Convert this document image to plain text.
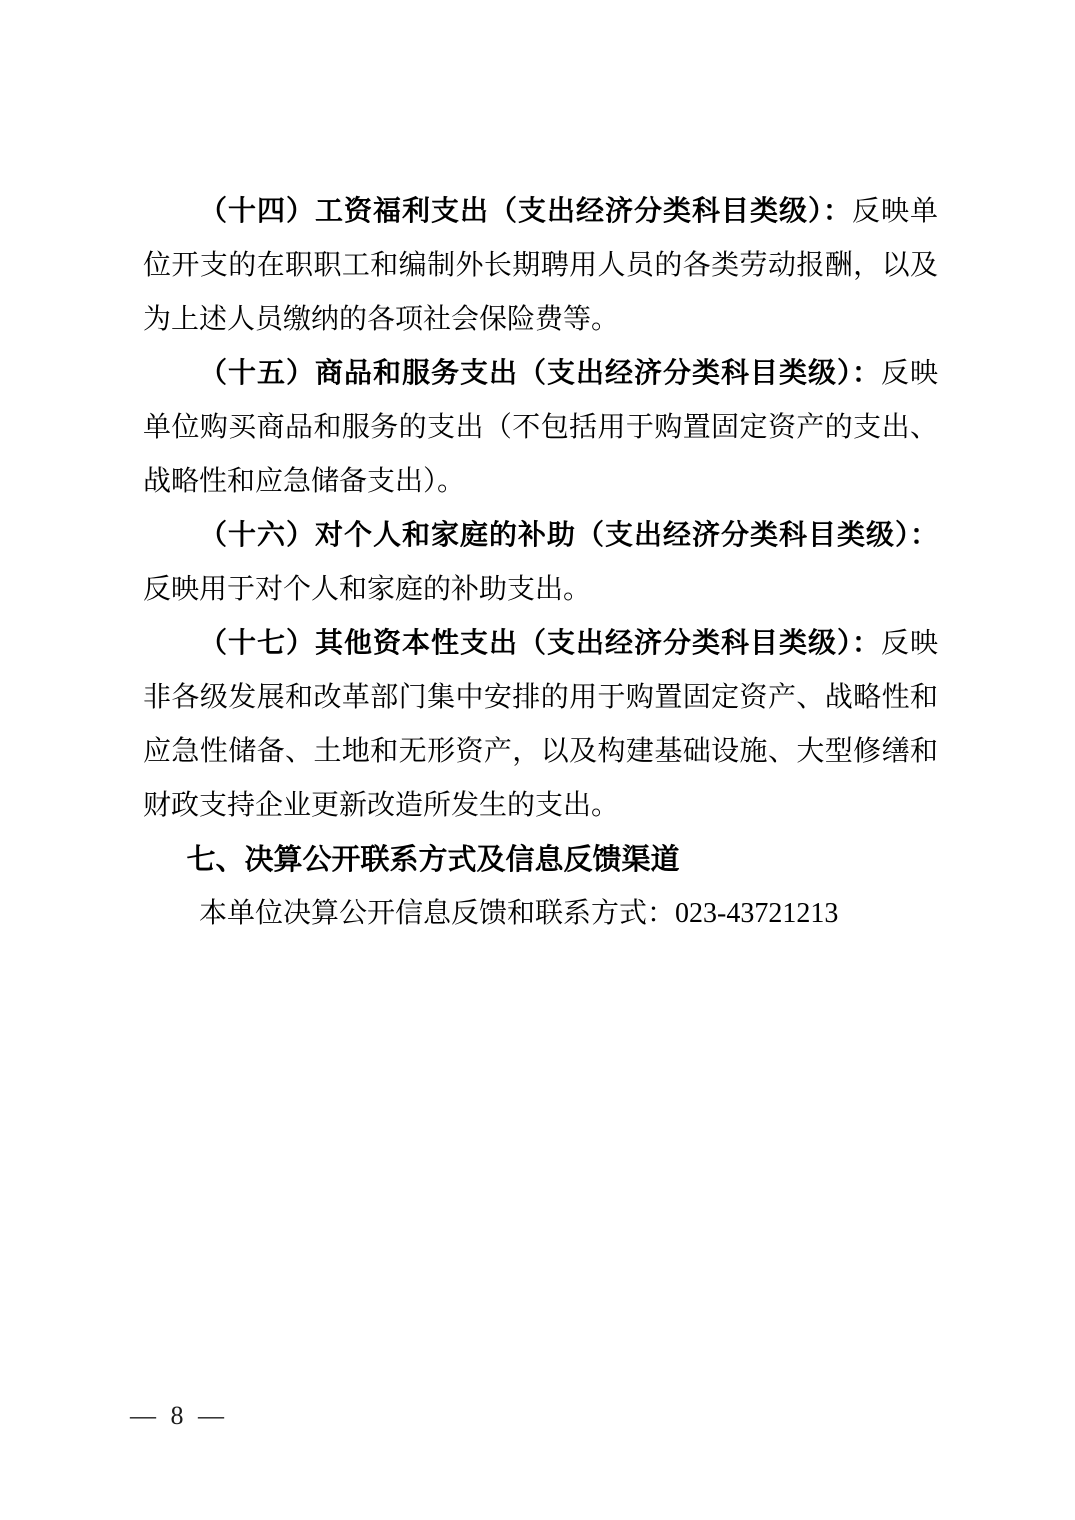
（十四）工资福利支出（支出经济分类科目类级）：反映单位开支的在职职工和编制外长期聘用人员的各类劳动报酬，以及为上述人员缴纳的各项社会保险费等。

（十五）商品和服务支出（支出经济分类科目类级）：反映单位购买商品和服务的支出（不包括用于购置固定资产的支出、战略性和应急储备支出）。

（十六）对个人和家庭的补助（支出经济分类科目类级）：反映用于对个人和家庭的补助支出。

（十七）其他资本性支出（支出经济分类科目类级）：反映非各级发展和改革部门集中安排的用于购置固定资产、战略性和应急性储备、土地和无形资产，以及构建基础设施、大型修缮和财政支持企业更新改造所发生的支出。

七、决算公开联系方式及信息反馈渠道

本单位决算公开信息反馈和联系方式：023-43721213

— 8 —
